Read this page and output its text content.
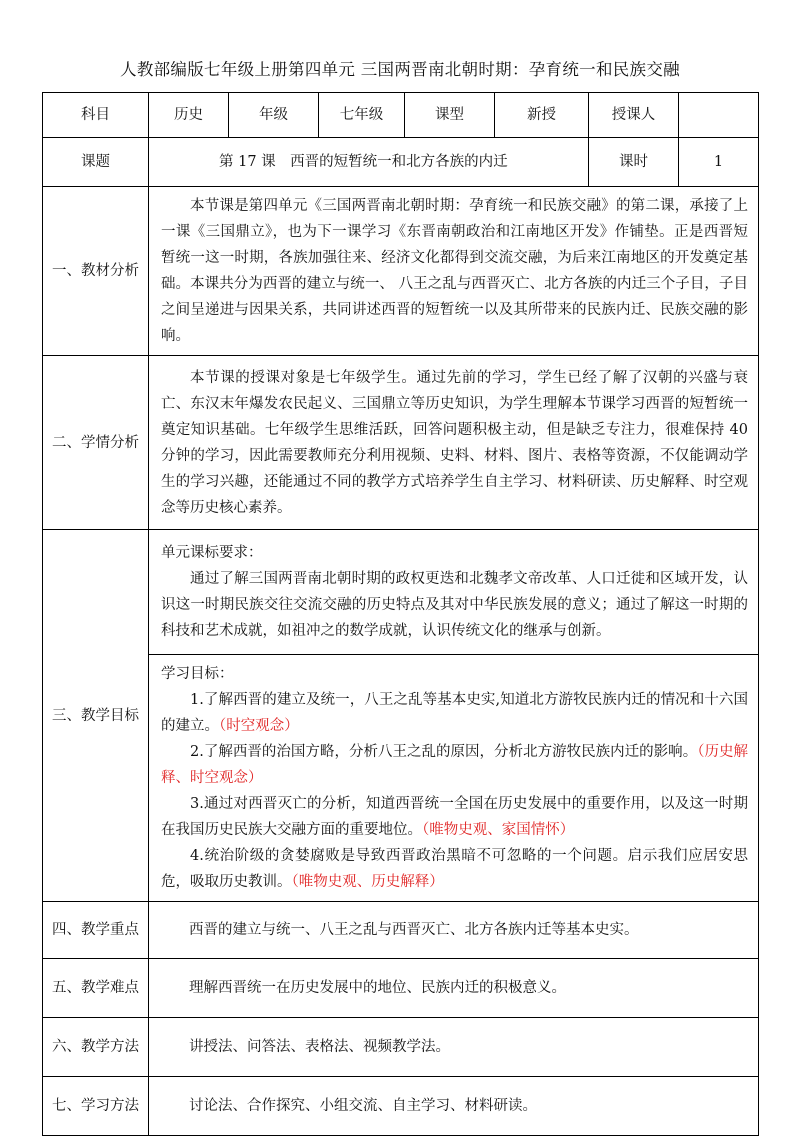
人教部编版七年级上册第四单元 三国两晋南北朝时期：孕育统一和民族交融
科目	历史	年级	七年级	课型	新授	授课人	
课题	第 17 课　西晋的短暂统一和北方各族的内迁					课时	1
一、教材分析	本节课是第四单元《三国两晋南北朝时期：孕育统一和民族交融》的第二课，承接了上一课《三国鼎立》，也为下一课学习《东晋南朝政治和江南地区开发》作铺垫。正是西晋短暂统一这一时期，各族加强往来、经济文化都得到交流交融，为后来江南地区的开发奠定基础。本课共分为西晋的建立与统一、 八王之乱与西晋灭亡、北方各族的内迁三个子目，子目之间呈递进与因果关系，共同讲述西晋的短暂统一以及其所带来的民族内迁、民族交融的影响。						

二、学情分析	本节课的授课对象是七年级学生。通过先前的学习，学生已经了解了汉朝的兴盛与衰亡、东汉末年爆发农民起义、三国鼎立等历史知识，为学生理解本节课学习西晋的短暂统一奠定知识基础。七年级学生思维活跃，回答问题积极主动，但是缺乏专注力，很难保持 40 分钟的学习，因此需要教师充分利用视频、史料、材料、图片、表格等资源，不仅能调动学生的学习兴趣，还能通过不同的教学方式培养学生自主学习、材料研读、历史解释、时空观念等历史核心素养。						

三、教学目标	单元课标要求：

通过了解三国两晋南北朝时期的政权更迭和北魏孝文帝改革、人口迁徙和区域开发，认识这一时期民族交往交流交融的历史特点及其对中华民族发展的意义；通过了解这一时期的科技和艺术成就，如祖冲之的数学成就，认识传统文化的继承与创新。						

	学习目标：

1.了解西晋的建立及统一，八王之乱等基本史实,知道北方游牧民族内迁的情况和十六国的建立。（时空观念）

2.了解西晋的治国方略，分析八王之乱的原因，分析北方游牧民族内迁的影响。（历史解释、时空观念）

3.通过对西晋灭亡的分析，知道西晋统一全国在历史发展中的重要作用，以及这一时期在我国历史民族大交融方面的重要地位。（唯物史观、家国情怀）

4.统治阶级的贪婪腐败是导致西晋政治黑暗不可忽略的一个问题。启示我们应居安思危，吸取历史教训。（唯物史观、历史解释）						

四、教学重点	西晋的建立与统一、八王之乱与西晋灭亡、北方各族内迁等基本史实。						
五、教学难点	理解西晋统一在历史发展中的地位、民族内迁的积极意义。						
六、教学方法	讲授法、问答法、表格法、视频教学法。						
七、学习方法	讨论法、合作探究、小组交流、自主学习、材料研读。						
